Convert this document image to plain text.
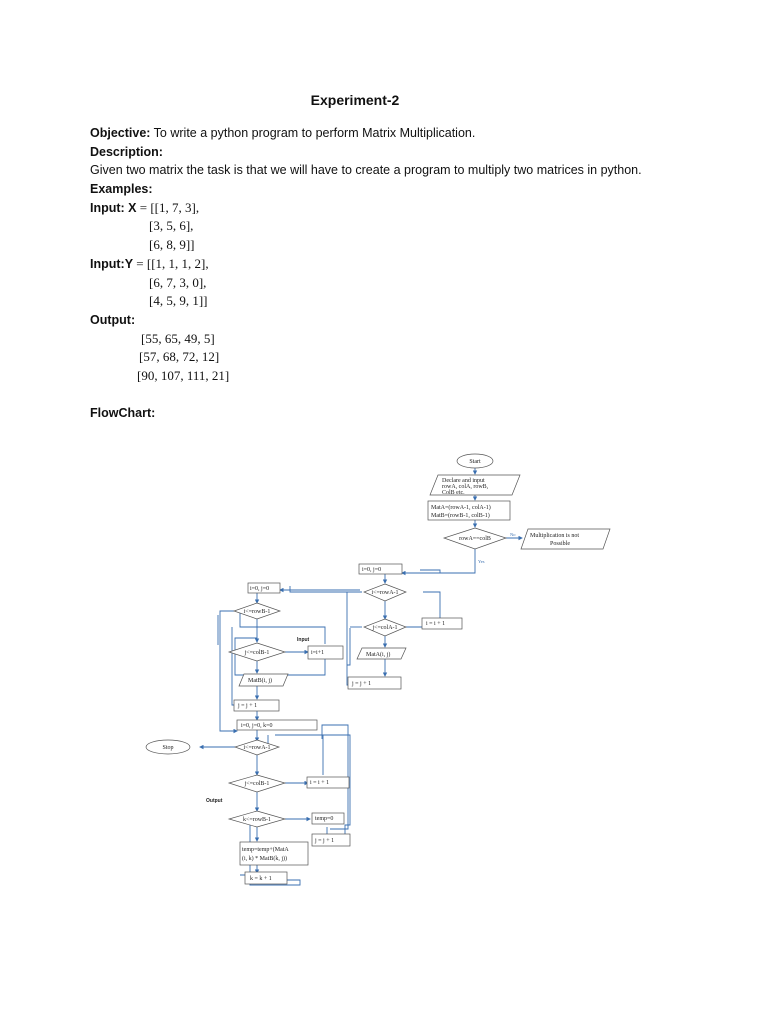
Experiment-2
Objective: To write a python program to perform Matrix Multiplication.
Description:
Given two matrix the task is that we will have to create a program to multiply two matrices in python.
Examples:
Input: X = [[1, 7, 3],
[3, 5, 6],
[6, 8, 9]]
Input:Y = [[1, 1, 1, 2],
[6, 7, 3, 0],
[4, 5, 9, 1]]
Output:
[55, 65, 49, 5]
[57, 68, 72, 12]
[90, 107, 111, 21]
FlowChart:
Start
Declare and input
rowA, colA, rowB,
ColB etc.
MatA=(rowA-1, colA-1)
MatB=(rowB-1, colB-1)
rowA==colB
No
Yes
Multiplication is not
Possible
i=0, j=0
i<=rowA-1
j<=colA-1
i = i + 1
MatA(i, j)
j = j + 1
i=0, j=0
i<=rowB-1
Input
j<=colB-1	i=i+1
MatB(i, j)
j = j + 1
i=0, j=0, k=0
Stop	i<=rowA-1
j<=colB-1	i = i + 1
Output
k<=rowB-1	temp=0
j = j + 1
temp=temp+(MatA
(i, k) * MatB(k, j))
k = k + 1
